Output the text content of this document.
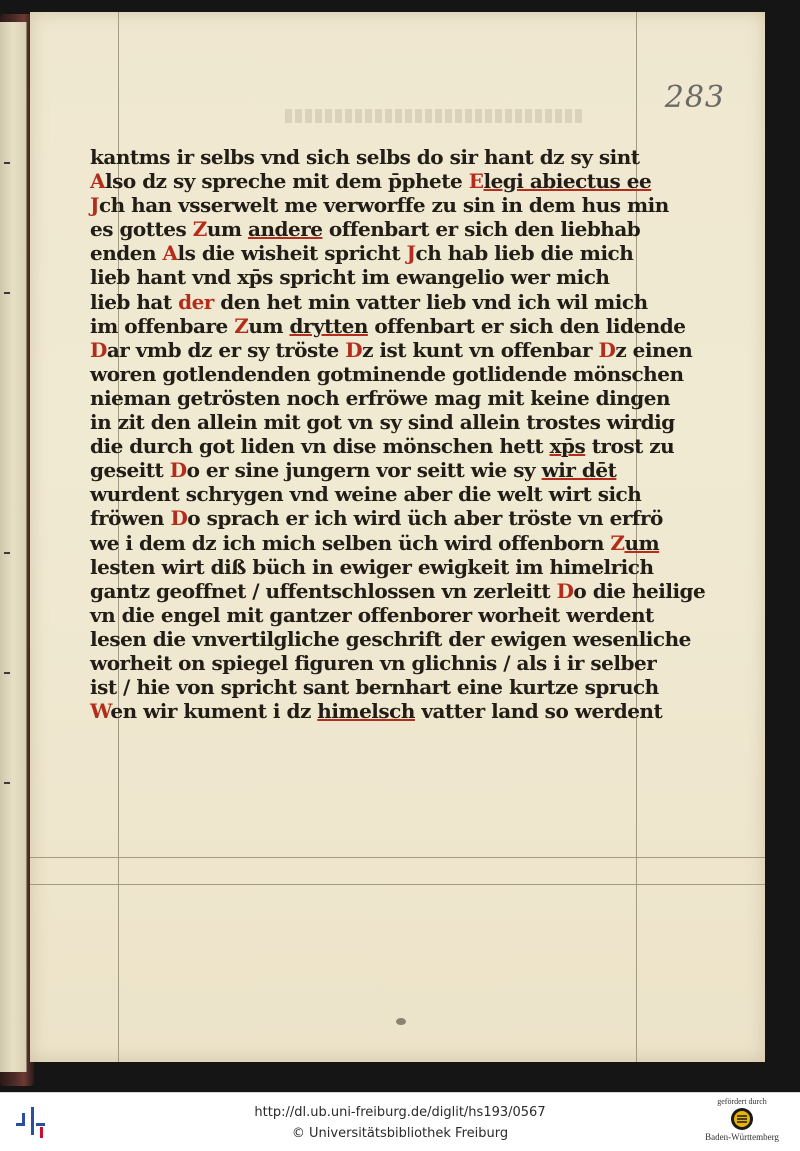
283
kantms ir selbs vnd sich selbs do sir hant dz sy sint
Also dz sy spreche mit dem p̄phete Elegi abiectus ee
Jch han vsserwelt me verworffe zu sin in dem hus min
es gottes Zum andere offenbart er sich den liebhab
enden Als die wisheit spricht Jch hab lieb die mich
lieb hant vnd xp̄s spricht im ewangelio wer mich
lieb hat der den het min vatter lieb vnd ich wil mich
im offenbare Zum drytten offenbart er sich den lidende
Dar vmb dz er sy tröste Dz ist kunt vn offenbar Dz einen
woren gotlendenden gotminende gotlidende mönschen
nieman getrösten noch erfröwe mag mit keine dingen
in zit den allein mit got vn sy sind allein trostes wirdig
die durch got liden vn dise mönschen hett xp̄s trost zu
geseitt Do er sine jungern vor seitt wie sy wir dēt
wurdent schrygen vnd weine aber die welt wirt sich
fröwen Do sprach er ich wird üch aber tröste vn erfrö
we i dem dz ich mich selben üch wird offenborn Zum
lesten wirt diß büch in ewiger ewigkeit im himelrich
gantz geoffnet / uffentschlossen vn zerleitt Do die heilige
vn die engel mit gantzer offenborer worheit werdent
lesen die vnvertilgliche geschrift der ewigen wesenliche
worheit on spiegel figuren vn glichnis / als i ir selber
ist / hie von spricht sant bernhart eine kurtze spruch
Wen wir kument i dz himelsch vatter land so werdent
http://dl.ub.uni-freiburg.de/diglit/hs193/0567
© Universitätsbibliothek Freiburg
gefördert durch
Baden-Württemberg
